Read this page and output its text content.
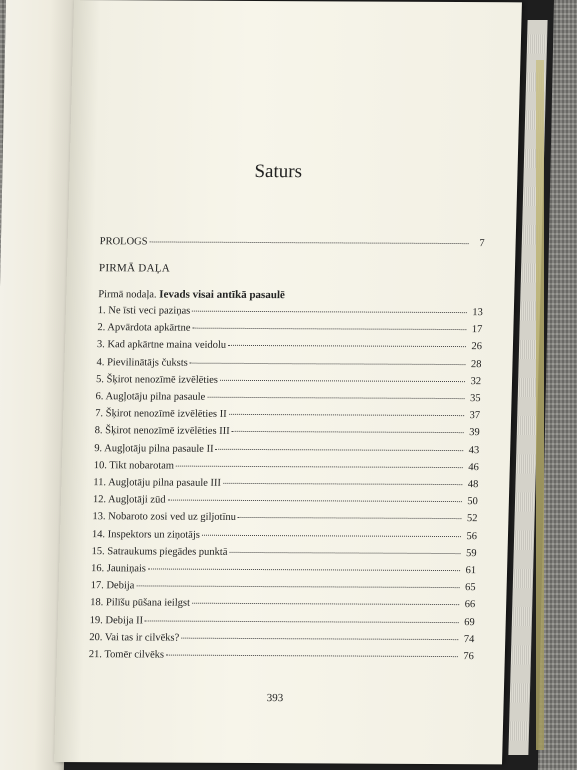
Saturs
PROLOGS	7
PIRMĀ DAĻA
Pirmā nodaļa. Ievads visai antīkā pasaulē
1. Ne īsti veci paziņas	13
2. Apvārdota apkārtne	17
3. Kad apkārtne maina veidolu	26
4. Pievilinātājs čuksts	28
5. Šķirot nenozīmē izvēlēties	32
6. Augļotāju pilna pasaule	35
7. Šķirot nenozīmē izvēlēties II	37
8. Šķirot nenozīmē izvēlēties III	39
9. Augļotāju pilna pasaule II	43
10. Tikt nobarotam	46
11. Augļotāju pilna pasaule III	48
12. Augļotāji zūd	50
13. Nobaroto zosi ved uz giljotīnu	52
14. Inspektors un ziņotājs	56
15. Satraukums piegādes punktā	59
16. Jauniņais	61
17. Debija	65
18. Pilīšu pūšana ieilgst	66
19. Debija II	69
20. Vai tas ir cilvēks?	74
21. Tomēr cilvēks	76
393
